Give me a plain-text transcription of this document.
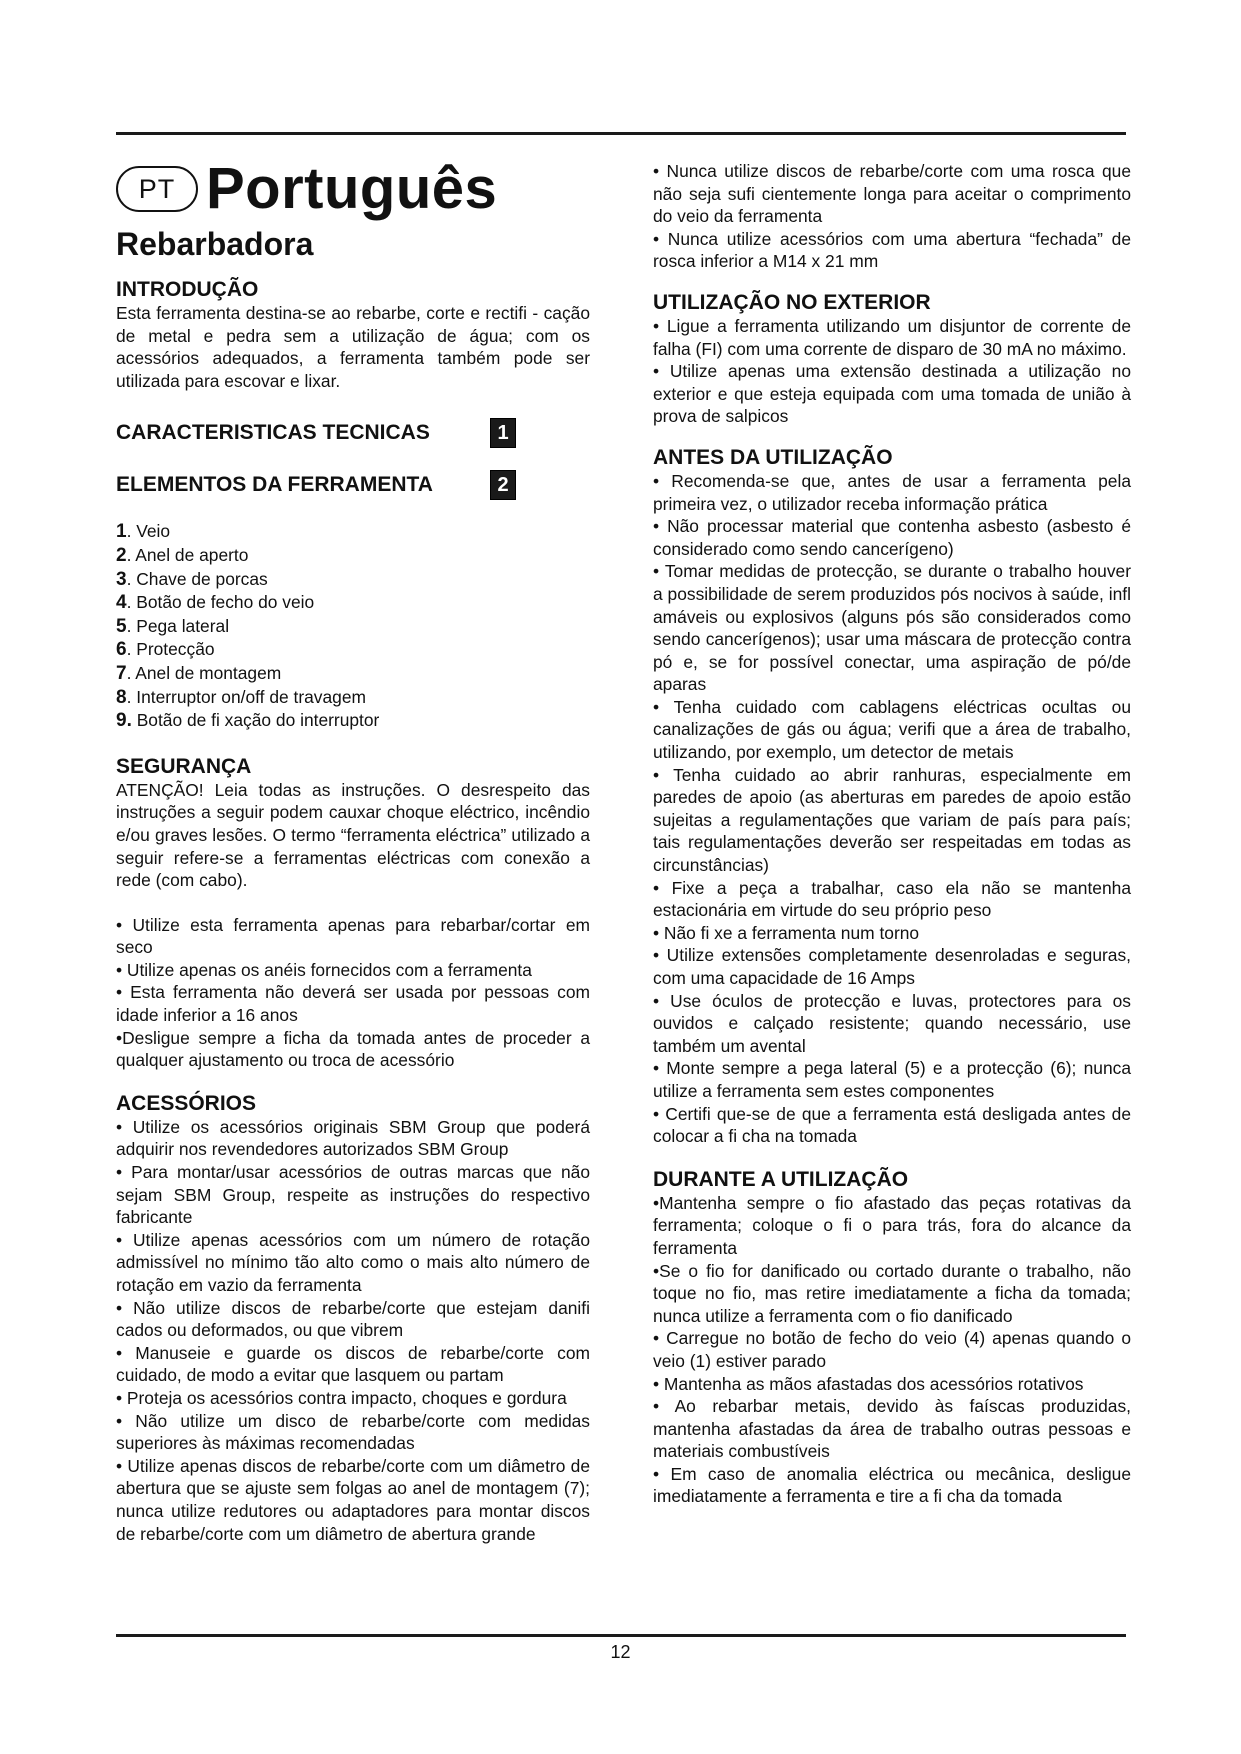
PT Português
Rebarbadora
INTRODUÇÃO

Esta ferramenta destina-se ao rebarbe, corte e rectifi - cação de metal e pedra sem a utilização de água; com os acessórios adequados, a ferramenta também pode ser utilizada para escovar e lixar.

CARACTERISTICAS TECNICAS	1
ELEMENTOS DA FERRAMENTA	2

1. Veio

2. Anel de aperto

3. Chave de porcas

4. Botão de fecho do veio

5. Pega lateral

6. Protecção

7. Anel de montagem

8. Interruptor on/off de travagem

9. Botão de fi xação do interruptor

SEGURANÇA

ATENÇÃO! Leia todas as instruções. O desrespeito das instruções a seguir podem cauxar choque eléctrico, incêndio e/ou graves lesões. O termo “ferramenta eléctrica” utilizado a seguir refere-se a ferramentas eléctricas com conexão a rede (com cabo).

• Utilize esta ferramenta apenas para rebarbar/cortar em seco

• Utilize apenas os anéis fornecidos com a ferramenta

• Esta ferramenta não deverá ser usada por pessoas com idade inferior a 16 anos

•Desligue sempre a ficha da tomada antes de proceder a qualquer ajustamento ou troca de acessório

ACESSÓRIOS

• Utilize os acessórios originais SBM Group que poderá adquirir nos revendedores autorizados SBM Group

• Para montar/usar acessórios de outras marcas que não sejam SBM Group, respeite as instruções do respectivo fabricante

• Utilize apenas acessórios com um número de rotação admissível no mínimo tão alto como o mais alto número de rotação em vazio da ferramenta

• Não utilize discos de rebarbe/corte que estejam danifi cados ou deformados, ou que vibrem

• Manuseie e guarde os discos de rebarbe/corte com cuidado, de modo a evitar que lasquem ou partam

• Proteja os acessórios contra impacto, choques e gordura

• Não utilize um disco de rebarbe/corte com medidas superiores às máximas recomendadas

• Utilize apenas discos de rebarbe/corte com um diâmetro de abertura que se ajuste sem folgas ao anel de montagem (7); nunca utilize redutores ou adaptadores para montar discos de rebarbe/corte com um diâmetro de abertura grande

• Nunca utilize discos de rebarbe/corte com uma rosca que não seja sufi cientemente longa para aceitar o comprimento do veio da ferramenta

• Nunca utilize acessórios com uma abertura “fechada” de rosca inferior a M14 x 21 mm

UTILIZAÇÃO NO EXTERIOR

• Ligue a ferramenta utilizando um disjuntor de corrente de falha (FI) com uma corrente de disparo de 30 mA no máximo.

• Utilize apenas uma extensão destinada a utilização no exterior e que esteja equipada com uma tomada de união à prova de salpicos

ANTES DA UTILIZAÇÃO

• Recomenda-se que, antes de usar a ferramenta pela primeira vez, o utilizador receba informação prática

• Não processar material que contenha asbesto (asbesto é considerado como sendo cancerígeno)

• Tomar medidas de protecção, se durante o trabalho houver a possibilidade de serem produzidos pós nocivos à saúde, infl amáveis ou explosivos (alguns pós são considerados como sendo cancerígenos); usar uma máscara de protecção contra pó e, se for possível conectar, uma aspiração de pó/de aparas

• Tenha cuidado com cablagens eléctricas ocultas ou canalizações de gás ou água; verifi que a área de trabalho, utilizando, por exemplo, um detector de metais

• Tenha cuidado ao abrir ranhuras, especialmente em paredes de apoio (as aberturas em paredes de apoio estão sujeitas a regulamentações que variam de país para país; tais regulamentações deverão ser respeitadas em todas as circunstâncias)

• Fixe a peça a trabalhar, caso ela não se mantenha estacionária em virtude do seu próprio peso

• Não fi xe a ferramenta num torno

• Utilize extensões completamente desenroladas e seguras, com uma capacidade de 16 Amps

• Use óculos de protecção e luvas, protectores para os ouvidos e calçado resistente; quando necessário, use também um avental

• Monte sempre a pega lateral (5) e a protecção (6); nunca utilize a ferramenta sem estes componentes

• Certifi que-se de que a ferramenta está desligada antes de colocar a fi cha na tomada

DURANTE A UTILIZAÇÃO

•Mantenha sempre o fio afastado das peças rotativas da ferramenta; coloque o fi o para trás, fora do alcance da ferramenta

•Se o fio for danificado ou cortado durante o trabalho, não toque no fio, mas retire imediatamente a ficha da tomada; nunca utilize a ferramenta com o fio danificado

• Carregue no botão de fecho do veio (4) apenas quando o veio (1) estiver parado

• Mantenha as mãos afastadas dos acessórios rotativos

• Ao rebarbar metais, devido às faíscas produzidas, mantenha afastadas da área de trabalho outras pessoas e materiais combustíveis

• Em caso de anomalia eléctrica ou mecânica, desligue imediatamente a ferramenta e tire a fi cha da tomada

12
